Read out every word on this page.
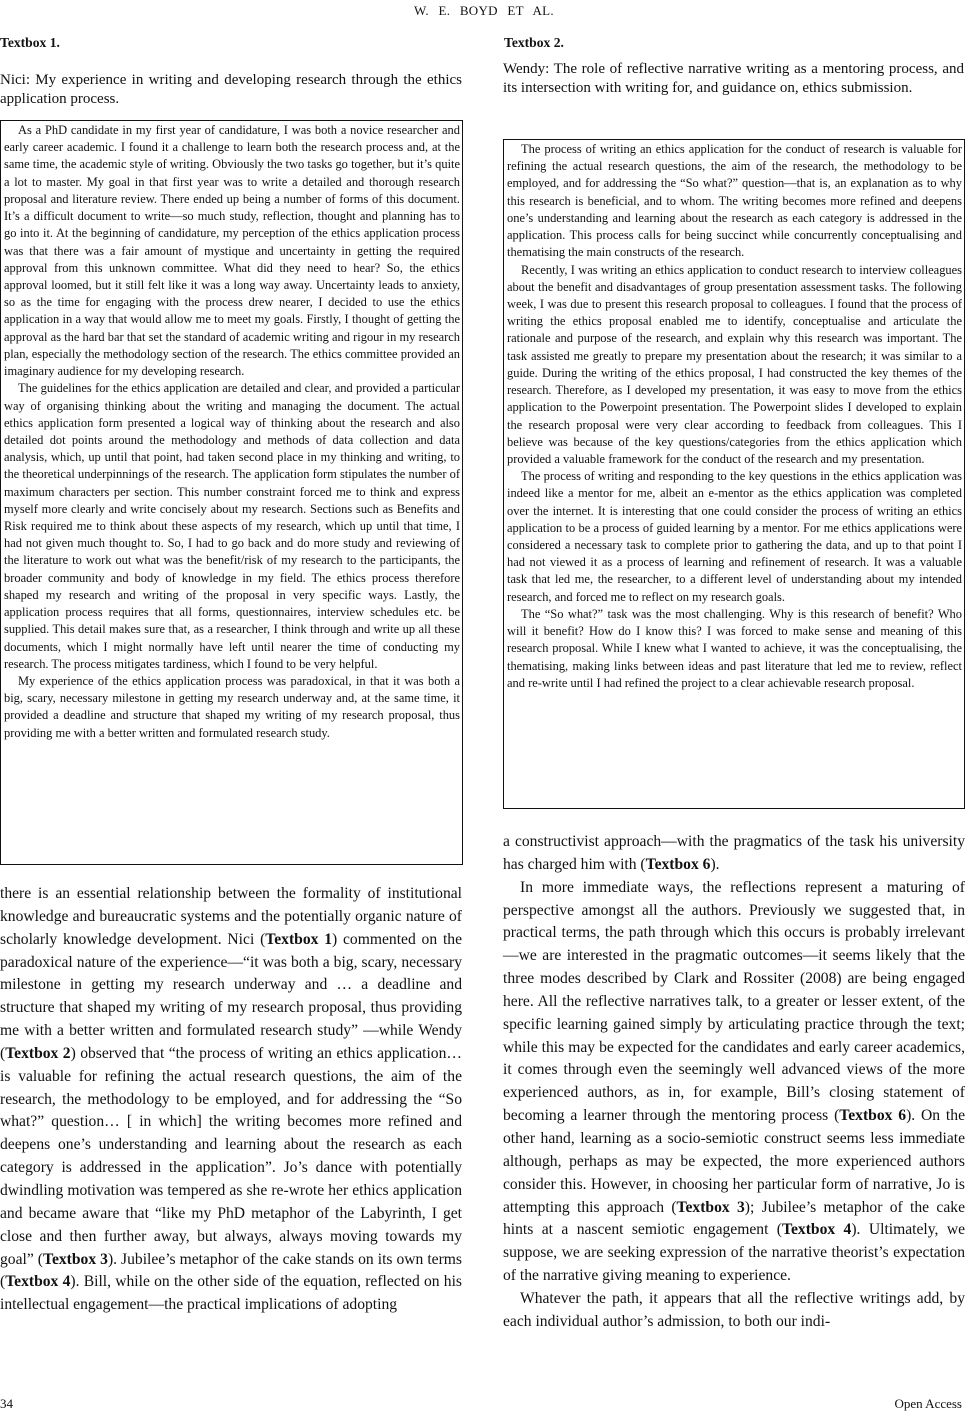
W. E. BOYD ET AL.
Textbox 1.
Nici: My experience in writing and developing research through the ethics application process.

As a PhD candidate in my first year of candidature, I was both a novice researcher and early career academic. I found it a challenge to learn both the research process and, at the same time, the academic style of writing. Obviously the two tasks go together, but it’s quite a lot to master. My goal in that first year was to write a detailed and thorough research proposal and literature review. There ended up being a number of forms of this document. It’s a difficult document to write—so much study, reflection, thought and planning has to go into it. At the beginning of candidature, my perception of the ethics application process was that there was a fair amount of mystique and uncertainty in getting the required approval from this unknown committee. What did they need to hear? So, the ethics approval loomed, but it still felt like it was a long way away. Uncertainty leads to anxiety, so as the time for engaging with the process drew nearer, I decided to use the ethics application in a way that would allow me to meet my goals. Firstly, I thought of getting the approval as the hard bar that set the standard of academic writing and rigour in my research plan, especially the methodology section of the research. The ethics committee provided an imaginary audience for my developing research.

The guidelines for the ethics application are detailed and clear, and provided a particular way of organising thinking about the writing and managing the document. The actual ethics application form presented a logical way of thinking about the research and also detailed dot points around the methodology and methods of data collection and data analysis, which, up until that point, had taken second place in my thinking and writing, to the theoretical underpinnings of the research. The application form stipulates the number of maximum characters per section. This number constraint forced me to think and express myself more clearly and write concisely about my research. Sections such as Benefits and Risk required me to think about these aspects of my research, which up until that time, I had not given much thought to. So, I had to go back and do more study and reviewing of the literature to work out what was the benefit/risk of my research to the participants, the broader community and body of knowledge in my field. The ethics process therefore shaped my research and writing of the proposal in very specific ways. Lastly, the application process requires that all forms, questionnaires, interview schedules etc. be supplied. This detail makes sure that, as a researcher, I think through and write up all these documents, which I might normally have left until nearer the time of conducting my research. The process mitigates tardiness, which I found to be very helpful.

My experience of the ethics application process was paradoxical, in that it was both a big, scary, necessary milestone in getting my research underway and, at the same time, it provided a deadline and structure that shaped my writing of my research proposal, thus providing me with a better written and formulated research study.

there is an essential relationship between the formality of institutional knowledge and bureaucratic systems and the potentially organic nature of scholarly knowledge development. Nici (Textbox 1) commented on the paradoxical nature of the experience—“it was both a big, scary, necessary milestone in getting my research underway and … a deadline and structure that shaped my writing of my research proposal, thus providing me with a better written and formulated research study” —while Wendy (Textbox 2) observed that “the process of writing an ethics application… is valuable for refining the actual research questions, the aim of the research, the methodology to be employed, and for addressing the “So what?” question… [ in which] the writing becomes more refined and deepens one’s understanding and learning about the research as each category is addressed in the application”. Jo’s dance with potentially dwindling motivation was tempered as she re-wrote her ethics application and became aware that “like my PhD metaphor of the Labyrinth, I get close and then further away, but always, always moving towards my goal” (Textbox 3). Jubilee’s metaphor of the cake stands on its own terms (Textbox 4). Bill, while on the other side of the equation, reflected on his intellectual engagement—the practical implications of adopting

Textbox 2.
Wendy: The role of reflective narrative writing as a mentoring process, and its intersection with writing for, and guidance on, ethics submission.

The process of writing an ethics application for the conduct of research is valuable for refining the actual research questions, the aim of the research, the methodology to be employed, and for addressing the “So what?” question—that is, an explanation as to why this research is beneficial, and to whom. The writing becomes more refined and deepens one’s understanding and learning about the research as each category is addressed in the application. This process calls for being succinct while concurrently conceptualising and thematising the main constructs of the research.

Recently, I was writing an ethics application to conduct research to interview colleagues about the benefit and disadvantages of group presentation assessment tasks. The following week, I was due to present this research proposal to colleagues. I found that the process of writing the ethics proposal enabled me to identify, conceptualise and articulate the rationale and purpose of the research, and explain why this research was important. The task assisted me greatly to prepare my presentation about the research; it was similar to a guide. During the writing of the ethics proposal, I had constructed the key themes of the research. Therefore, as I developed my presentation, it was easy to move from the ethics application to the Powerpoint presentation. The Powerpoint slides I developed to explain the research proposal were very clear according to feedback from colleagues. This I believe was because of the key questions/categories from the ethics application which provided a valuable framework for the conduct of the research and my presentation.

The process of writing and responding to the key questions in the ethics application was indeed like a mentor for me, albeit an e-mentor as the ethics application was completed over the internet. It is interesting that one could consider the process of writing an ethics application to be a process of guided learning by a mentor. For me ethics applications were considered a necessary task to complete prior to gathering the data, and up to that point I had not viewed it as a process of learning and refinement of research. It was a valuable task that led me, the researcher, to a different level of understanding about my intended research, and forced me to reflect on my research goals.

The “So what?” task was the most challenging. Why is this research of benefit? Who will it benefit? How do I know this? I was forced to make sense and meaning of this research proposal. While I knew what I wanted to achieve, it was the conceptualising, the thematising, making links between ideas and past literature that led me to review, reflect and re-write until I had refined the project to a clear achievable research proposal.

a constructivist approach—with the pragmatics of the task his university has charged him with (Textbox 6).

In more immediate ways, the reflections represent a maturing of perspective amongst all the authors. Previously we suggested that, in practical terms, the path through which this occurs is probably irrelevant—we are interested in the pragmatic outcomes—it seems likely that the three modes described by Clark and Rossiter (2008) are being engaged here. All the reflective narratives talk, to a greater or lesser extent, of the specific learning gained simply by articulating practice through the text; while this may be expected for the candidates and early career academics, it comes through even the seemingly well advanced views of the more experienced authors, as in, for example, Bill’s closing statement of becoming a learner through the mentoring process (Textbox 6). On the other hand, learning as a socio-semiotic construct seems less immediate although, perhaps as may be expected, the more experienced authors consider this. However, in choosing her particular form of narrative, Jo is attempting this approach (Textbox 3); Jubilee’s metaphor of the cake hints at a nascent semiotic engagement (Textbox 4). Ultimately, we suppose, we are seeking expression of the narrative theorist’s expectation of the narrative giving meaning to experience.

Whatever the path, it appears that all the reflective writings add, by each individual author’s admission, to both our indi-

34	Open Access
